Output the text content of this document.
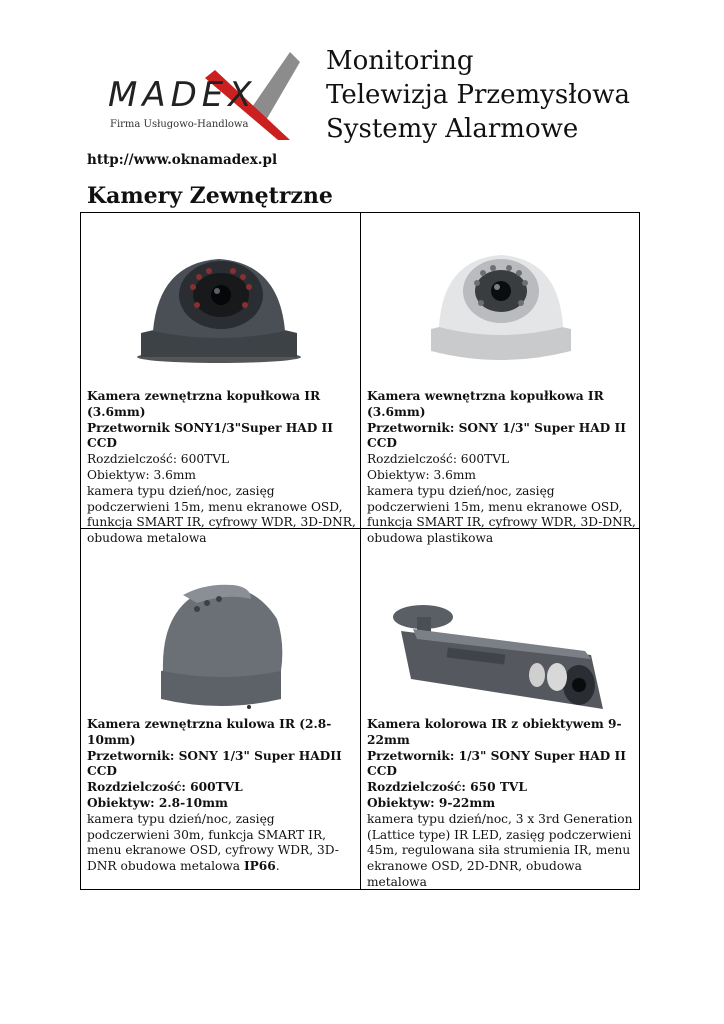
MADEX
Firma Usługowo-Handlowa
Monitoring
Telewizja Przemysłowa
Systemy Alarmowe
http://www.oknamadex.pl
Kamery Zewnętrzne
Kamera zewnętrzna kopułkowa IR (3.6mm)
Przetwornik SONY1/3"Super HAD II CCD
Rozdzielczość: 600TVL
Obiektyw: 3.6mm
kamera typu dzień/noc, zasięg podczerwieni 15m, menu ekranowe OSD, funkcja SMART IR, cyfrowy WDR, 3D-DNR, obudowa metalowa
Kamera wewnętrzna kopułkowa IR (3.6mm)
Przetwornik: SONY 1/3" Super HAD II CCD
Rozdzielczość: 600TVL
Obiektyw: 3.6mm
kamera typu dzień/noc, zasięg podczerwieni 15m, menu ekranowe OSD, funkcja SMART IR, cyfrowy WDR, 3D-DNR, obudowa plastikowa
Kamera zewnętrzna kulowa IR (2.8-10mm)
Przetwornik: SONY 1/3" Super HADII CCD
Rozdzielczość: 600TVL
Obiektyw: 2.8-10mm
kamera typu dzień/noc, zasięg podczerwieni 30m, funkcja SMART IR, menu ekranowe OSD, cyfrowy WDR, 3D-DNR obudowa metalowa IP66.
Kamera kolorowa IR z obiektywem 9-22mm
Przetwornik: 1/3" SONY Super HAD II CCD
Rozdzielczość: 650 TVL
Obiektyw: 9-22mm
kamera typu dzień/noc, 3 x 3rd Generation (Lattice type) IR LED, zasięg podczerwieni 45m, regulowana siła strumienia IR, menu ekranowe OSD, 2D-DNR, obudowa metalowa
